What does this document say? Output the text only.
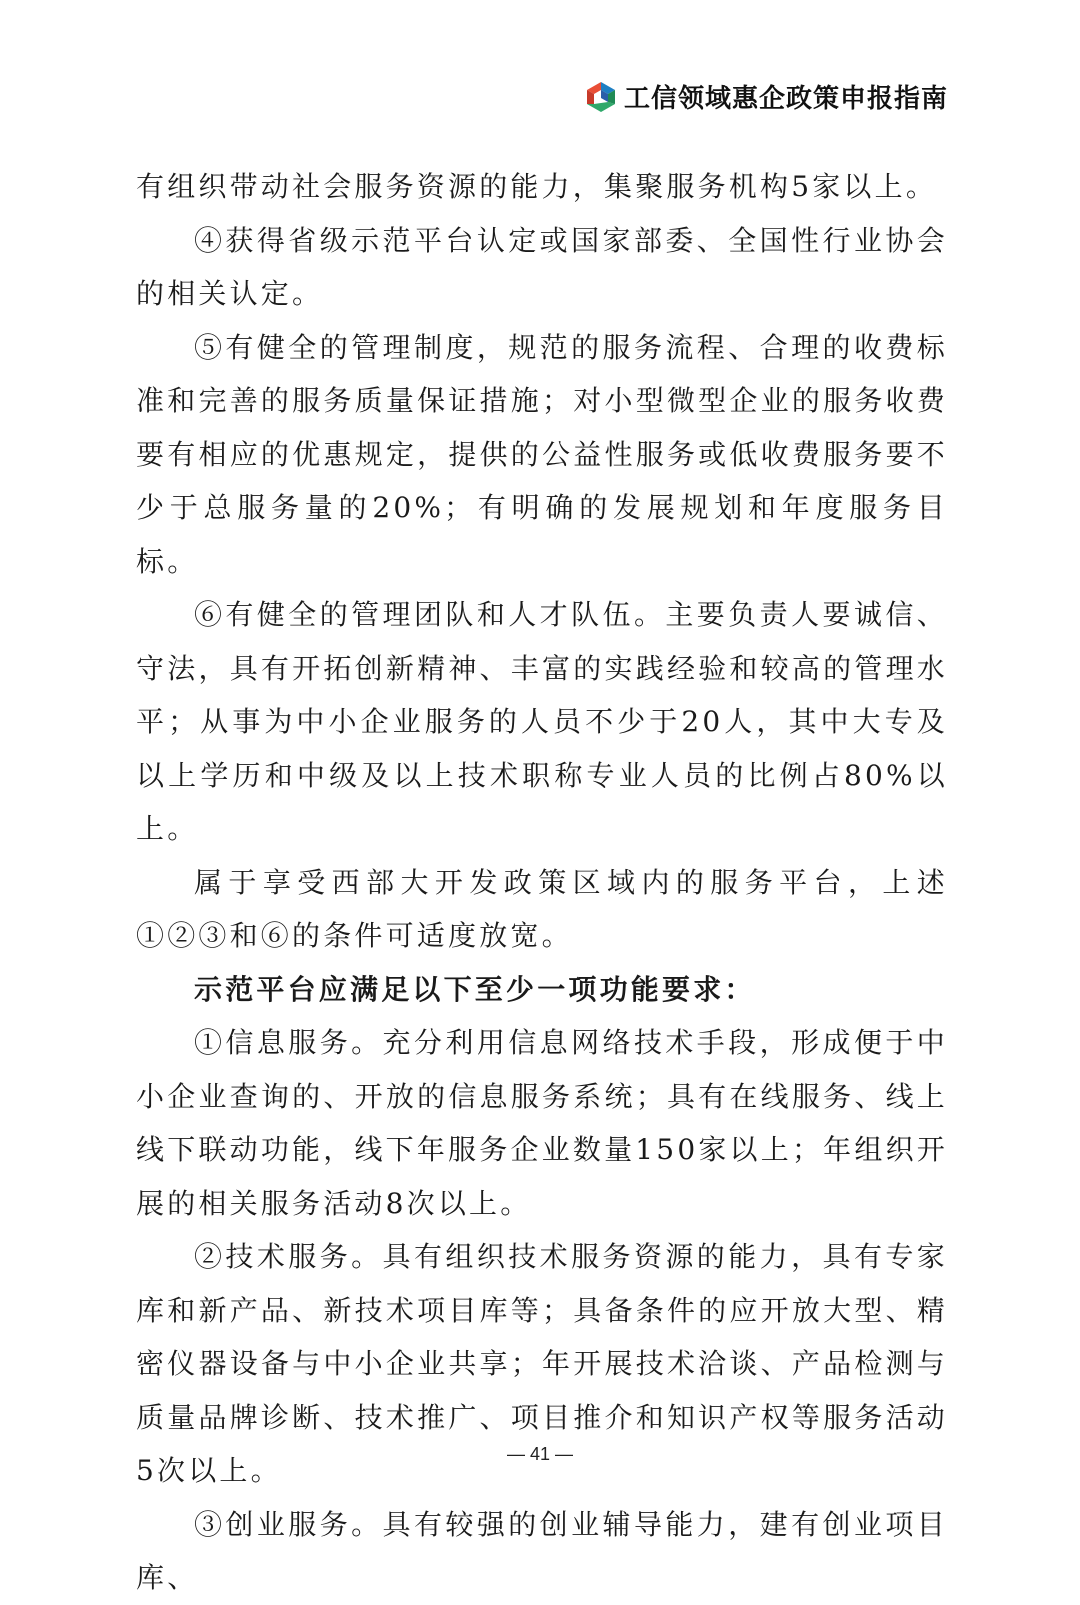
工信领域惠企政策申报指南

有组织带动社会服务资源的能力，集聚服务机构5家以上。

④获得省级示范平台认定或国家部委、全国性行业协会的相关认定。

⑤有健全的管理制度，规范的服务流程、合理的收费标准和完善的服务质量保证措施；对小型微型企业的服务收费要有相应的优惠规定，提供的公益性服务或低收费服务要不少于总服务量的20%；有明确的发展规划和年度服务目标。

⑥有健全的管理团队和人才队伍。主要负责人要诚信、守法，具有开拓创新精神、丰富的实践经验和较高的管理水平；从事为中小企业服务的人员不少于20人，其中大专及以上学历和中级及以上技术职称专业人员的比例占80%以上。

属于享受西部大开发政策区域内的服务平台，上述①②③和⑥的条件可适度放宽。

示范平台应满足以下至少一项功能要求：

①信息服务。充分利用信息网络技术手段，形成便于中小企业查询的、开放的信息服务系统；具有在线服务、线上线下联动功能，线下年服务企业数量150家以上；年组织开展的相关服务活动8次以上。

②技术服务。具有组织技术服务资源的能力，具有专家库和新产品、新技术项目库等；具备条件的应开放大型、精密仪器设备与中小企业共享；年开展技术洽谈、产品检测与质量品牌诊断、技术推广、项目推介和知识产权等服务活动5次以上。

③创业服务。具有较强的创业辅导能力，建有创业项目库、

— 41 —
